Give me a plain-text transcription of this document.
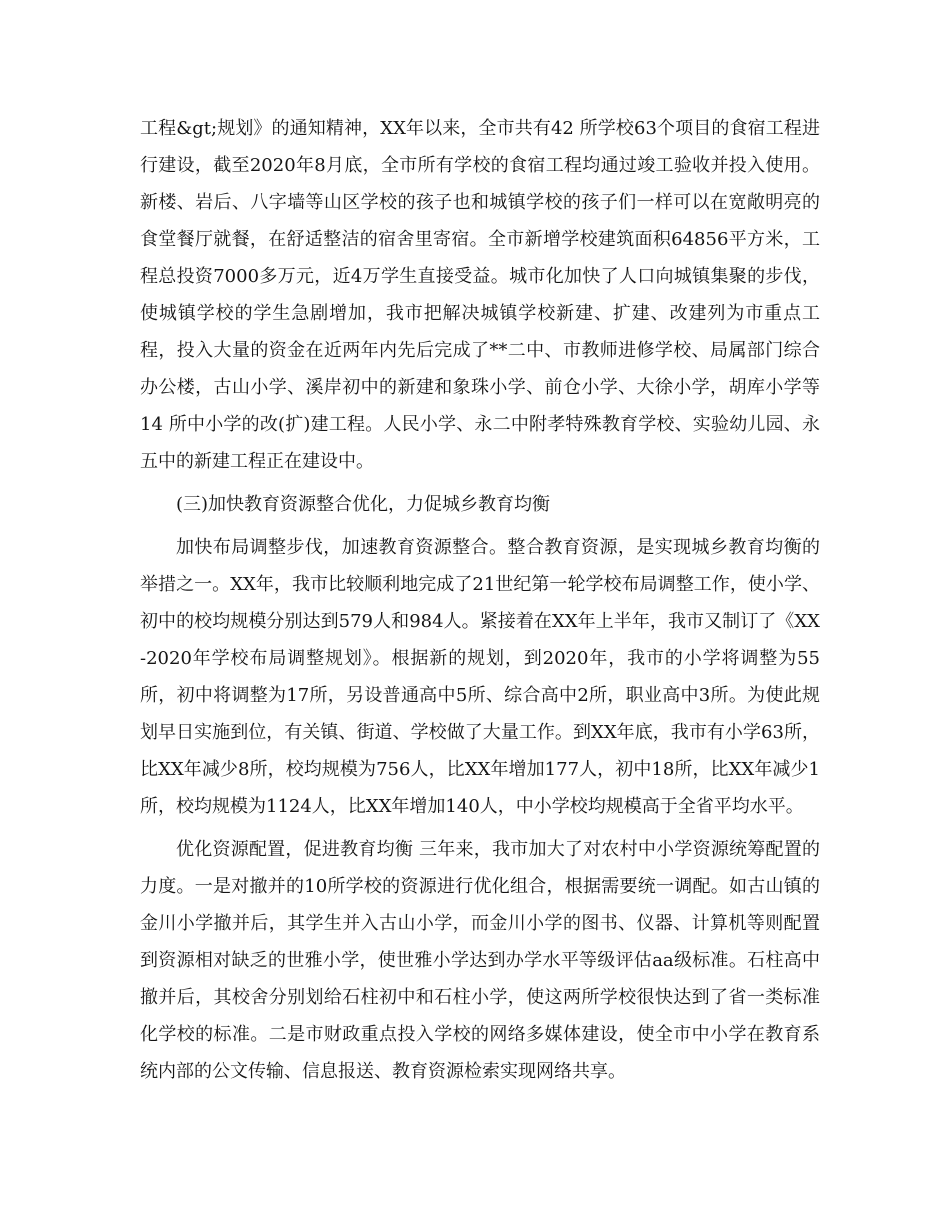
工程&gt;规划》的通知精神，XX年以来，全市共有42 所学校63个项目的食宿工程进行建设，截至2020年8月底，全市所有学校的食宿工程均通过竣工验收并投入使用。新楼、岩后、八字墙等山区学校的孩子也和城镇学校的孩子们一样可以在宽敞明亮的食堂餐厅就餐，在舒适整洁的宿舍里寄宿。全市新增学校建筑面积64856平方米，工程总投资7000多万元，近4万学生直接受益。城市化加快了人口向城镇集聚的步伐，使城镇学校的学生急剧增加，我市把解决城镇学校新建、扩建、改建列为市重点工程，投入大量的资金在近两年内先后完成了**二中、市教师进修学校、局属部门综合办公楼，古山小学、溪岸初中的新建和象珠小学、前仓小学、大徐小学，胡库小学等 14 所中小学的改(扩)建工程。人民小学、永二中附孝特殊教育学校、实验幼儿园、永五中的新建工程正在建设中。

(三)加快教育资源整合优化，力促城乡教育均衡

加快布局调整步伐，加速教育资源整合。整合教育资源，是实现城乡教育均衡的举措之一。XX年，我市比较顺利地完成了21世纪第一轮学校布局调整工作，使小学、初中的校均规模分别达到579人和984人。紧接着在XX年上半年，我市又制订了《XX-2020年学校布局调整规划》。根据新的规划，到2020年，我市的小学将调整为55所，初中将调整为17所，另设普通高中5所、综合高中2所，职业高中3所。为使此规划早日实施到位，有关镇、街道、学校做了大量工作。到XX年底，我市有小学63所，比XX年减少8所，校均规模为756人，比XX年增加177人，初中18所，比XX年减少1所，校均规模为1124人，比XX年增加140人，中小学校均规模高于全省平均水平。

优化资源配置，促进教育均衡 三年来，我市加大了对农村中小学资源统筹配置的力度。一是对撤并的10所学校的资源进行优化组合，根据需要统一调配。如古山镇的金川小学撤并后，其学生并入古山小学，而金川小学的图书、仪器、计算机等则配置到资源相对缺乏的世雅小学，使世雅小学达到办学水平等级评估aa级标准。石柱高中撤并后，其校舍分别划给石柱初中和石柱小学，使这两所学校很快达到了省一类标准化学校的标准。二是市财政重点投入学校的网络多媒体建设，使全市中小学在教育系统内部的公文传输、信息报送、教育资源检索实现网络共享。
